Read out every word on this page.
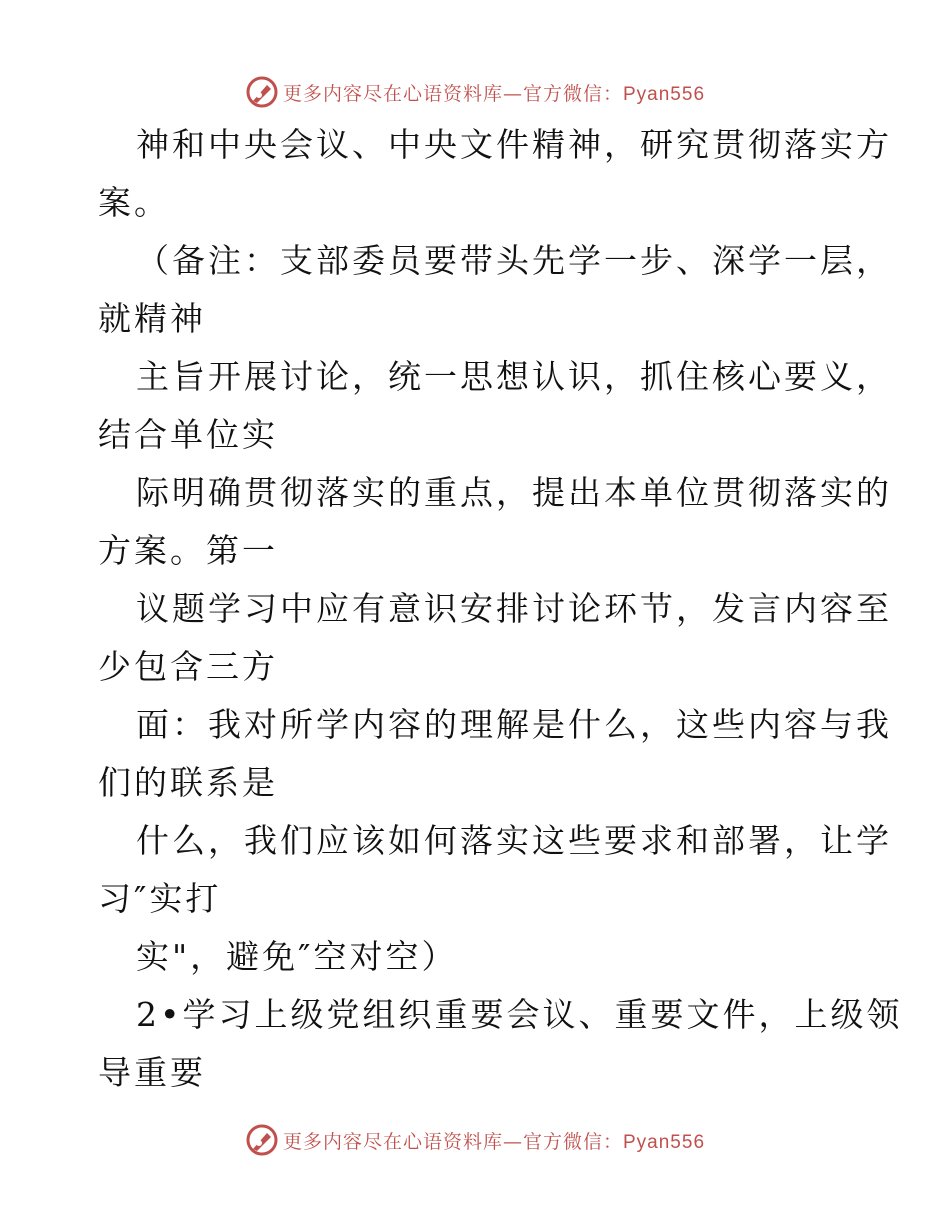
更多内容尽在心语资料库—官方微信：Pyan556
神和中央会议、中央文件精神，研究贯彻落实方
案。
（备注：支部委员要带头先学一步、深学一层，
就精神
主旨开展讨论，统一思想认识，抓住核心要义，
结合单位实
际明确贯彻落实的重点，提出本单位贯彻落实的
方案。第一
议题学习中应有意识安排讨论环节，发言内容至
少包含三方
面：我对所学内容的理解是什么，这些内容与我
们的联系是
什么，我们应该如何落实这些要求和部署，让学
习″实打
实"，避免″空对空）
2•学习上级党组织重要会议、重要文件，上级领
导重要
更多内容尽在心语资料库—官方微信：Pyan556
